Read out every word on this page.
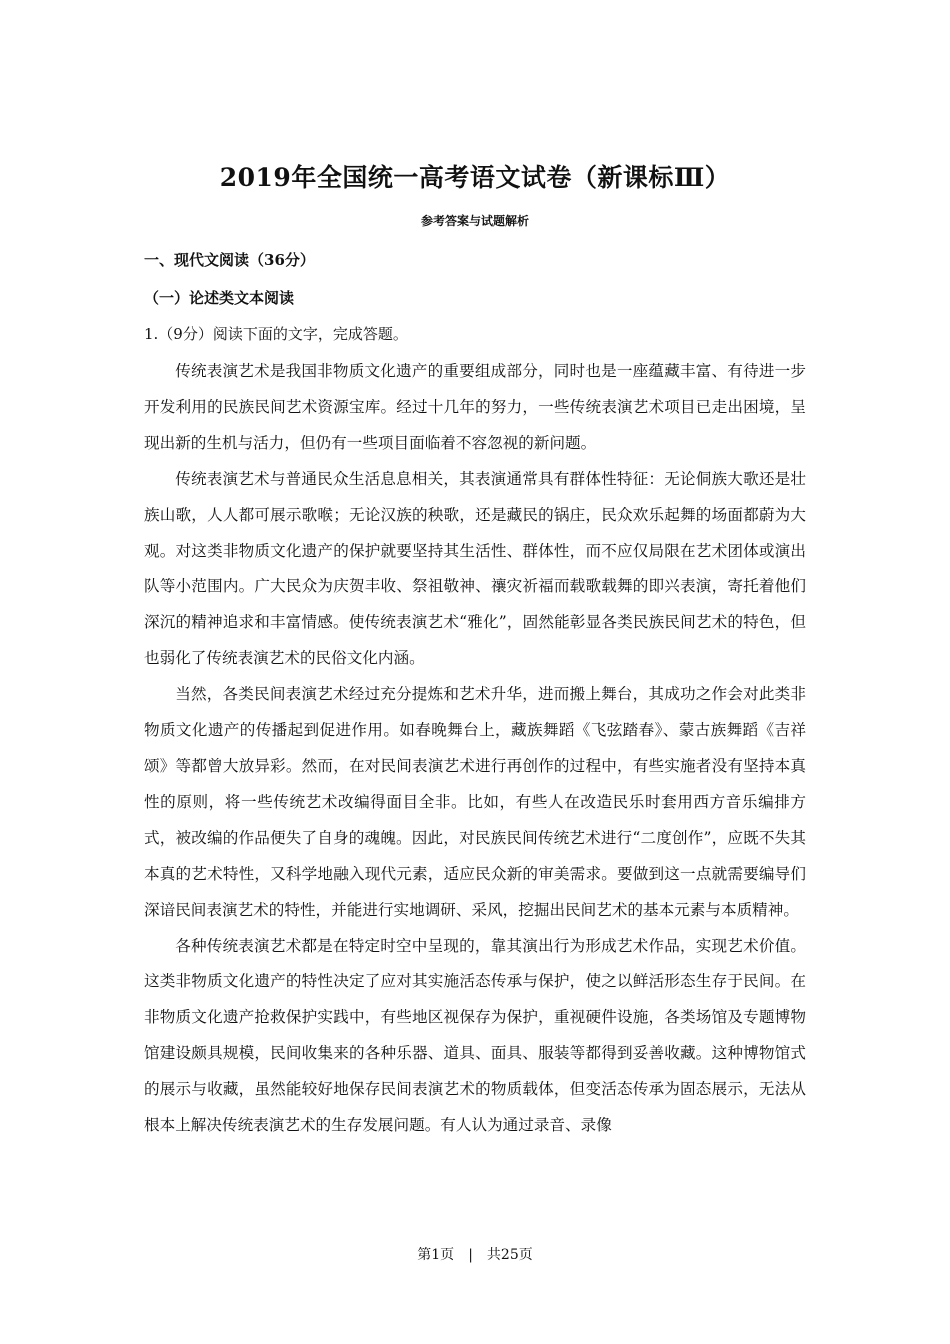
2019年全国统一高考语文试卷（新课标Ⅲ）
参考答案与试题解析
一、现代文阅读（36分）
（一）论述类文本阅读
1.（9分）阅读下面的文字，完成答题。

传统表演艺术是我国非物质文化遗产的重要组成部分，同时也是一座蕴藏丰富、有待进一步开发利用的民族民间艺术资源宝库。经过十几年的努力，一些传统表演艺术项目已走出困境，呈现出新的生机与活力，但仍有一些项目面临着不容忽视的新问题。

传统表演艺术与普通民众生活息息相关，其表演通常具有群体性特征：无论侗族大歌还是壮族山歌，人人都可展示歌喉；无论汉族的秧歌，还是藏民的锅庄，民众欢乐起舞的场面都蔚为大观。对这类非物质文化遗产的保护就要坚持其生活性、群体性，而不应仅局限在艺术团体或演出队等小范围内。广大民众为庆贺丰收、祭祖敬神、禳灾祈福而载歌载舞的即兴表演，寄托着他们深沉的精神追求和丰富情感。使传统表演艺术“雅化”，固然能彰显各类民族民间艺术的特色，但也弱化了传统表演艺术的民俗文化内涵。

当然，各类民间表演艺术经过充分提炼和艺术升华，进而搬上舞台，其成功之作会对此类非物质文化遗产的传播起到促进作用。如春晚舞台上，藏族舞蹈《飞弦踏春》、蒙古族舞蹈《吉祥颂》等都曾大放异彩。然而，在对民间表演艺术进行再创作的过程中，有些实施者没有坚持本真性的原则，将一些传统艺术改编得面目全非。比如，有些人在改造民乐时套用西方音乐编排方式，被改编的作品便失了自身的魂魄。因此，对民族民间传统艺术进行“二度创作”，应既不失其本真的艺术特性，又科学地融入现代元素，适应民众新的审美需求。要做到这一点就需要编导们深谙民间表演艺术的特性，并能进行实地调研、采风，挖掘出民间艺术的基本元素与本质精神。

各种传统表演艺术都是在特定时空中呈现的，靠其演出行为形成艺术作品，实现艺术价值。这类非物质文化遗产的特性决定了应对其实施活态传承与保护，使之以鲜活形态生存于民间。在非物质文化遗产抢救保护实践中，有些地区视保存为保护，重视硬件设施，各类场馆及专题博物馆建设颇具规模，民间收集来的各种乐器、道具、面具、服装等都得到妥善收藏。这种博物馆式的展示与收藏，虽然能较好地保存民间表演艺术的物质载体，但变活态传承为固态展示，无法从根本上解决传统表演艺术的生存发展问题。有人认为通过录音、录像

第1页 | 共25页
